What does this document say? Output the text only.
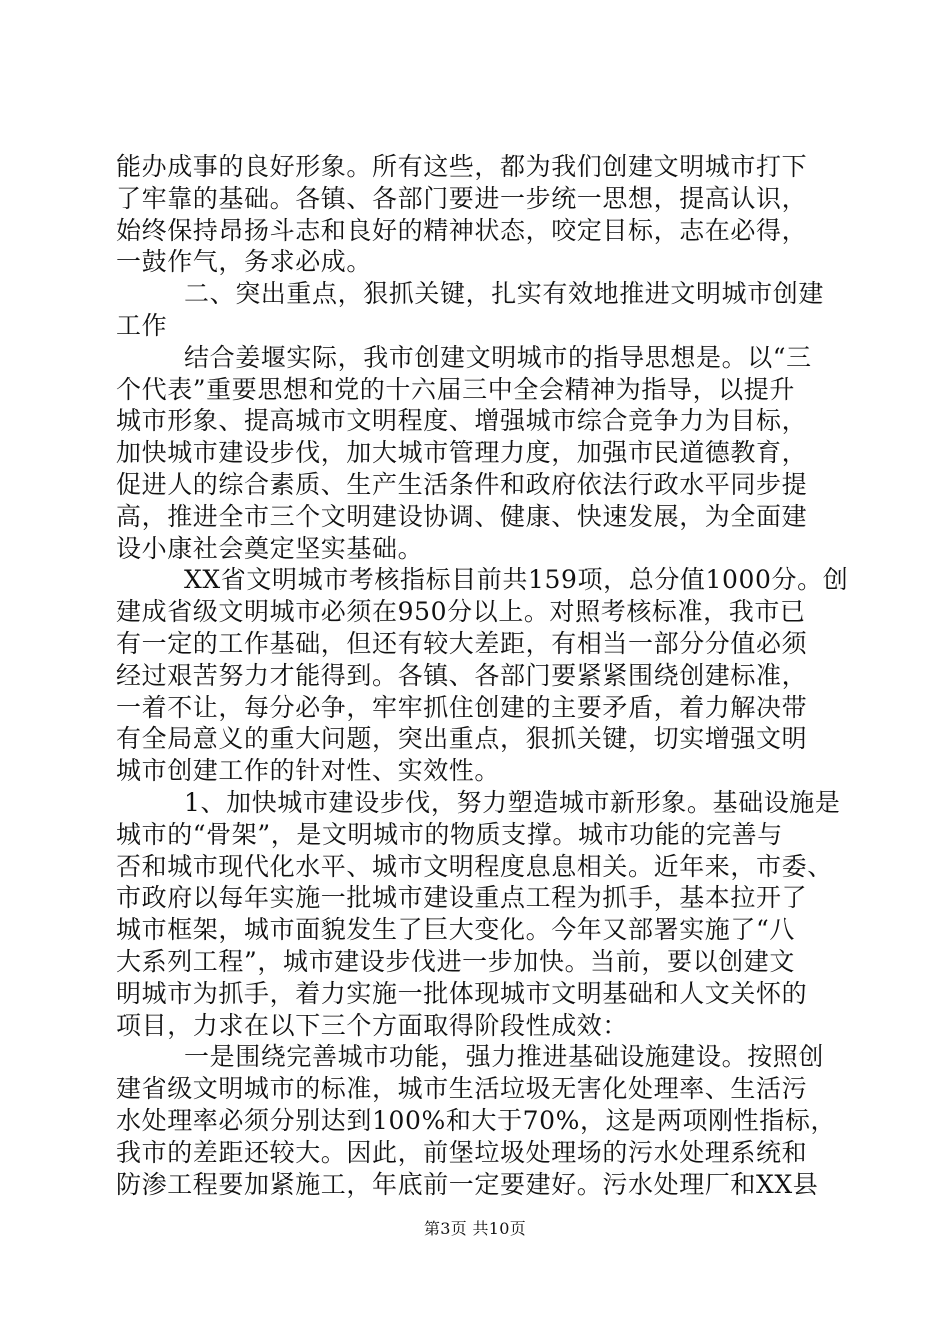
能办成事的良好形象。所有这些，都为我们创建文明城市打下
了牢靠的基础。各镇、各部门要进一步统一思想，提高认识，
始终保持昂扬斗志和良好的精神状态，咬定目标，志在必得，
一鼓作气，务求必成。
二、突出重点，狠抓关键，扎实有效地推进文明城市创建
工作
结合姜堰实际，我市创建文明城市的指导思想是。以“三
个代表”重要思想和党的十六届三中全会精神为指导，以提升
城市形象、提高城市文明程度、增强城市综合竞争力为目标，
加快城市建设步伐，加大城市管理力度，加强市民道德教育，
促进人的综合素质、生产生活条件和政府依法行政水平同步提
高，推进全市三个文明建设协调、健康、快速发展，为全面建
设小康社会奠定坚实基础。
XX省文明城市考核指标目前共159项，总分值1000分。创
建成省级文明城市必须在950分以上。对照考核标准，我市已
有一定的工作基础，但还有较大差距，有相当一部分分值必须
经过艰苦努力才能得到。各镇、各部门要紧紧围绕创建标准，
一着不让，每分必争，牢牢抓住创建的主要矛盾，着力解决带
有全局意义的重大问题，突出重点，狠抓关键，切实增强文明
城市创建工作的针对性、实效性。
1、加快城市建设步伐，努力塑造城市新形象。基础设施是
城市的“骨架”，是文明城市的物质支撑。城市功能的完善与
否和城市现代化水平、城市文明程度息息相关。近年来，市委、
市政府以每年实施一批城市建设重点工程为抓手，基本拉开了
城市框架，城市面貌发生了巨大变化。今年又部署实施了“八
大系列工程”，城市建设步伐进一步加快。当前，要以创建文
明城市为抓手，着力实施一批体现城市文明基础和人文关怀的
项目，力求在以下三个方面取得阶段性成效：
一是围绕完善城市功能，强力推进基础设施建设。按照创
建省级文明城市的标准，城市生活垃圾无害化处理率、生活污
水处理率必须分别达到100%和大于70%，这是两项刚性指标，
我市的差距还较大。因此，前堡垃圾处理场的污水处理系统和
防渗工程要加紧施工，年底前一定要建好。污水处理厂和XX县
第3页 共10页
